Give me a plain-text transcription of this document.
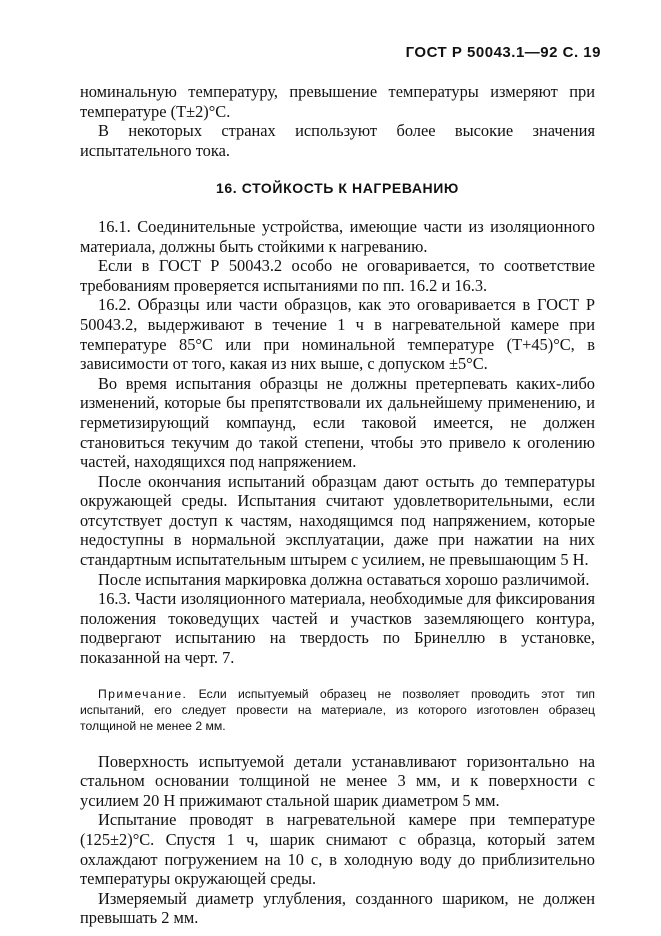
ГОСТ Р 50043.1—92 С. 19

номинальную температуру, превышение температуры измеряют при температуре (Т±2)°С.

В некоторых странах используют более высокие значения испытательного тока.

16. СТОЙКОСТЬ К НАГРЕВАНИЮ

16.1. Соединительные устройства, имеющие части из изоляционного материала, должны быть стойкими к нагреванию.

Если в ГОСТ Р 50043.2 особо не оговаривается, то соответствие требованиям проверяется испытаниями по пп. 16.2 и 16.3.

16.2. Образцы или части образцов, как это оговаривается в ГОСТ Р 50043.2, выдерживают в течение 1 ч в нагревательной камере при температуре 85°С или при номинальной температуре (Т+45)°С, в зависимости от того, какая из них выше, с допуском ±5°С.

Во время испытания образцы не должны претерпевать каких-либо изменений, которые бы препятствовали их дальнейшему применению, и герметизирующий компаунд, если таковой имеется, не должен становиться текучим до такой степени, чтобы это привело к оголению частей, находящихся под напряжением.

После окончания испытаний образцам дают остыть до температуры окружающей среды. Испытания считают удовлетворительными, если отсутствует доступ к частям, находящимся под напряжением, которые недоступны в нормальной эксплуатации, даже при нажатии на них стандартным испытательным штырем с усилием, не превышающим 5 Н.

После испытания маркировка должна оставаться хорошо различимой.

16.3. Части изоляционного материала, необходимые для фиксирования положения токоведущих частей и участков заземляющего контура, подвергают испытанию на твердость по Бринеллю в установке, показанной на черт. 7.

Примечание. Если испытуемый образец не позволяет проводить этот тип испытаний, его следует провести на материале, из которого изготовлен образец толщиной не менее 2 мм.

Поверхность испытуемой детали устанавливают горизонтально на стальном основании толщиной не менее 3 мм, и к поверхности с усилием 20 Н прижимают стальной шарик диаметром 5 мм.

Испытание проводят в нагревательной камере при температуре (125±2)°С. Спустя 1 ч, шарик снимают с образца, который затем охлаждают погружением на 10 с, в холодную воду до приблизительно температуры окружающей среды.

Измеряемый диаметр углубления, созданного шариком, не должен превышать 2 мм.
